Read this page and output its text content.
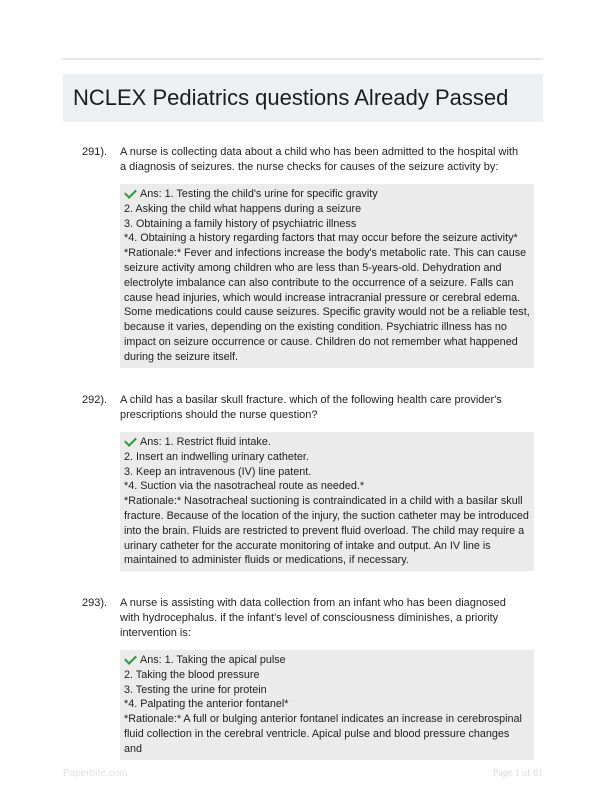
NCLEX Pediatrics questions Already Passed
291). A nurse is collecting data about a child who has been admitted to the hospital with a diagnosis of seizures. the nurse checks for causes of the seizure activity by:
Ans: 1. Testing the child's urine for specific gravity
2. Asking the child what happens during a seizure
3. Obtaining a family history of psychiatric illness
*4. Obtaining a history regarding factors that may occur before the seizure activity*
*Rationale:* Fever and infections increase the body's metabolic rate. This can cause seizure activity among children who are less than 5-years-old. Dehydration and electrolyte imbalance can also contribute to the occurrence of a seizure. Falls can cause head injuries, which would increase intracranial pressure or cerebral edema. Some medications could cause seizures. Specific gravity would not be a reliable test, because it varies, depending on the existing condition. Psychiatric illness has no impact on seizure occurrence or cause. Children do not remember what happened during the seizure itself.
292). A child has a basilar skull fracture. which of the following health care provider's prescriptions should the nurse question?
Ans: 1. Restrict fluid intake.
2. Insert an indwelling urinary catheter.
3. Keep an intravenous (IV) line patent.
*4. Suction via the nasotracheal route as needed.*
*Rationale:* Nasotracheal suctioning is contraindicated in a child with a basilar skull fracture. Because of the location of the injury, the suction catheter may be introduced into the brain. Fluids are restricted to prevent fluid overload. The child may require a urinary catheter for the accurate monitoring of intake and output. An IV line is maintained to administer fluids or medications, if necessary.
293). A nurse is assisting with data collection from an infant who has been diagnosed with hydrocephalus. if the infant's level of consciousness diminishes, a priority intervention is:
Ans: 1. Taking the apical pulse
2. Taking the blood pressure
3. Testing the urine for protein
*4. Palpating the anterior fontanel*
*Rationale:* A full or bulging anterior fontanel indicates an increase in cerebrospinal fluid collection in the cerebral ventricle. Apical pulse and blood pressure changes and
Paperbite.com	Page 1 of 81
